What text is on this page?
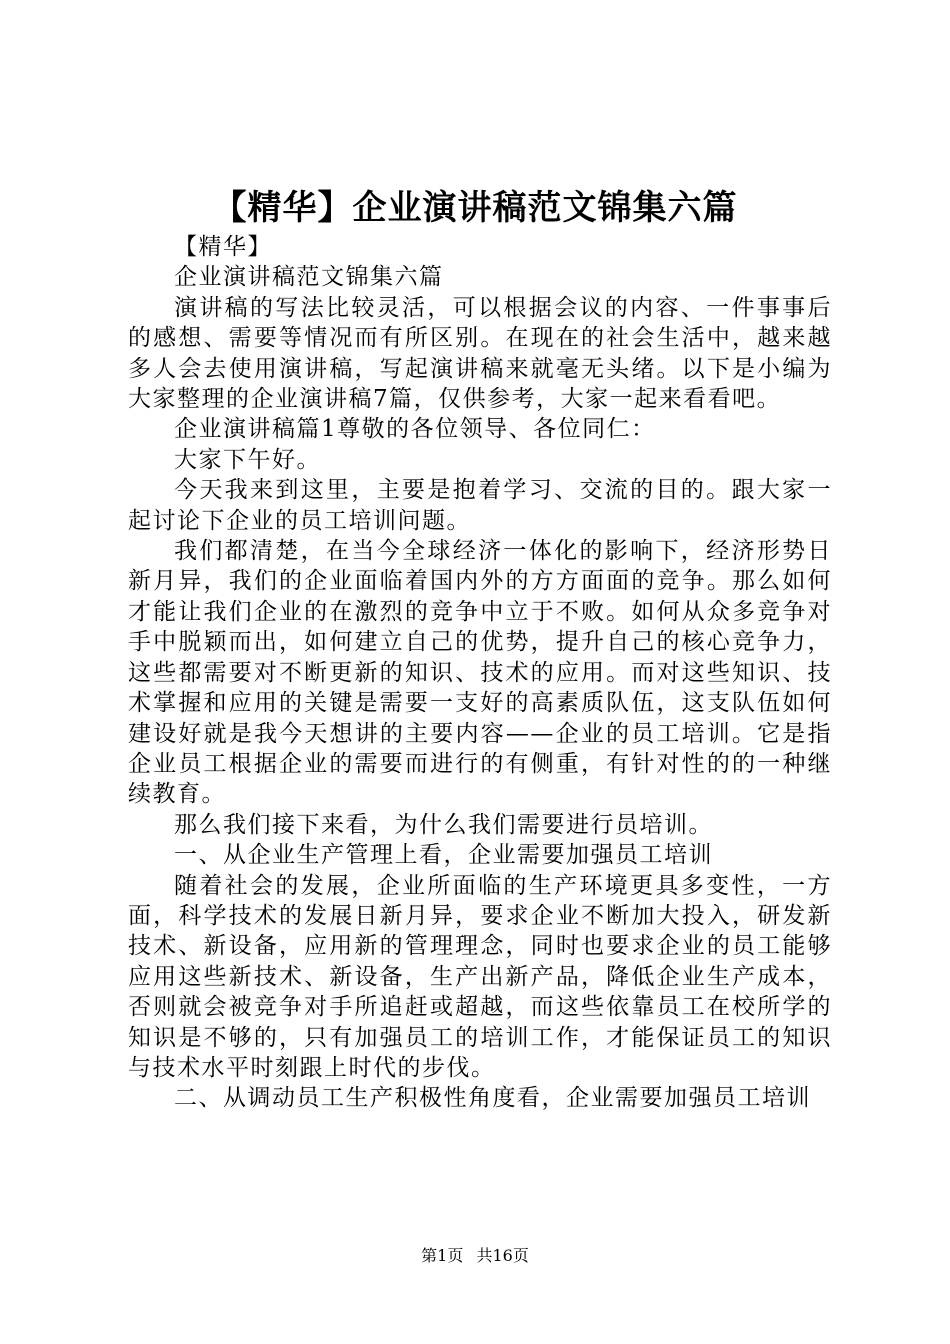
【精华】企业演讲稿范文锦集六篇

【精华】

企业演讲稿范文锦集六篇

演讲稿的写法比较灵活，可以根据会议的内容、一件事事后的感想、需要等情况而有所区别。在现在的社会生活中，越来越多人会去使用演讲稿，写起演讲稿来就毫无头绪。以下是小编为大家整理的企业演讲稿7篇，仅供参考，大家一起来看看吧。

企业演讲稿篇1尊敬的各位领导、各位同仁：

大家下午好。

今天我来到这里，主要是抱着学习、交流的目的。跟大家一起讨论下企业的员工培训问题。

我们都清楚，在当今全球经济一体化的影响下，经济形势日新月异，我们的企业面临着国内外的方方面面的竞争。那么如何才能让我们企业的在激烈的竞争中立于不败。如何从众多竞争对手中脱颖而出，如何建立自己的优势，提升自己的核心竞争力，这些都需要对不断更新的知识、技术的应用。而对这些知识、技术掌握和应用的关键是需要一支好的高素质队伍，这支队伍如何建设好就是我今天想讲的主要内容——企业的员工培训。它是指企业员工根据企业的需要而进行的有侧重，有针对性的的一种继续教育。

那么我们接下来看，为什么我们需要进行员培训。

一、从企业生产管理上看，企业需要加强员工培训

随着社会的发展，企业所面临的生产环境更具多变性，一方面，科学技术的发展日新月异，要求企业不断加大投入，研发新技术、新设备，应用新的管理理念，同时也要求企业的员工能够应用这些新技术、新设备，生产出新产品，降低企业生产成本，否则就会被竞争对手所追赶或超越，而这些依靠员工在校所学的知识是不够的，只有加强员工的培训工作，才能保证员工的知识与技术水平时刻跟上时代的步伐。

二、从调动员工生产积极性角度看，企业需要加强员工培训

第1页 共16页
